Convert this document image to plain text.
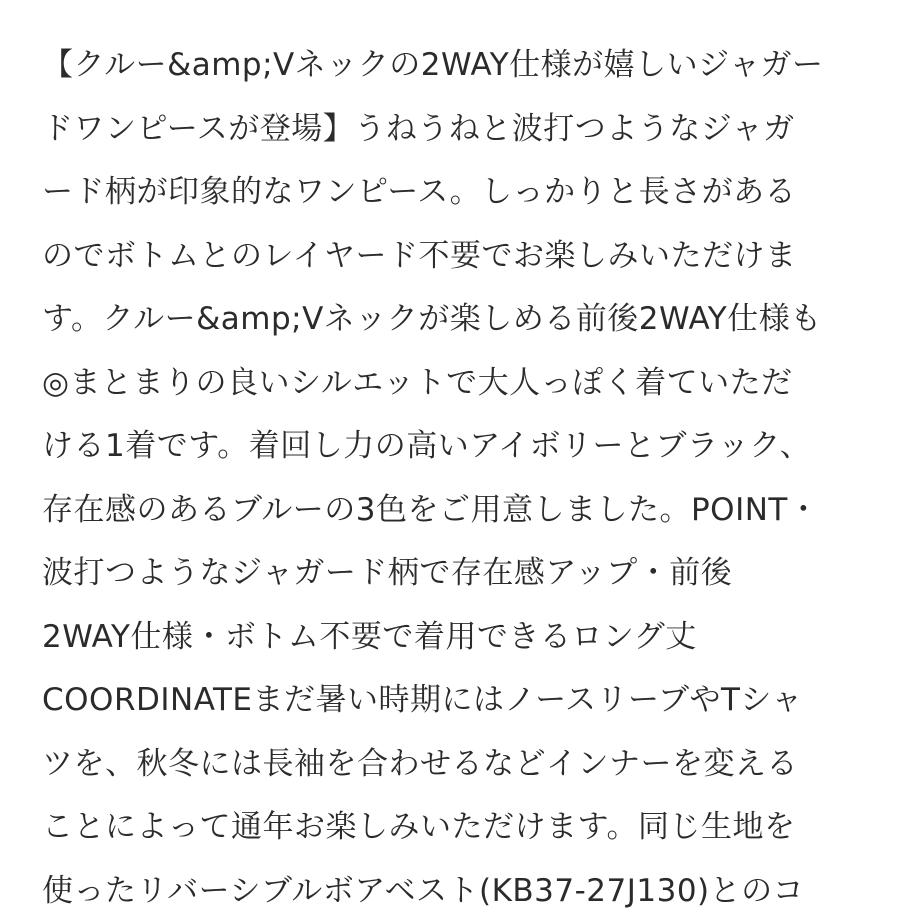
【クルー&amp;Vネックの2WAY仕様が嬉しいジャガー
ドワンピースが登場】うねうねと波打つようなジャガ
ード柄が印象的なワンピース。しっかりと長さがある
のでボトムとのレイヤード不要でお楽しみいただけま
す。クルー&amp;Vネックが楽しめる前後2WAY仕様も
◎まとまりの良いシルエットで大人っぽく着ていただ
ける1着です。着回し力の高いアイボリーとブラック、
存在感のあるブルーの3色をご用意しました。POINT・
波打つようなジャガード柄で存在感アップ・前後
2WAY仕様・ボトム不要で着用できるロング丈
COORDINATEまだ暑い時期にはノースリーブやTシャ
ツを、秋冬には長袖を合わせるなどインナーを変える
ことによって通年お楽しみいただけます。同じ生地を
使ったリバーシブルボアベスト(KB37-27J130)とのコ
